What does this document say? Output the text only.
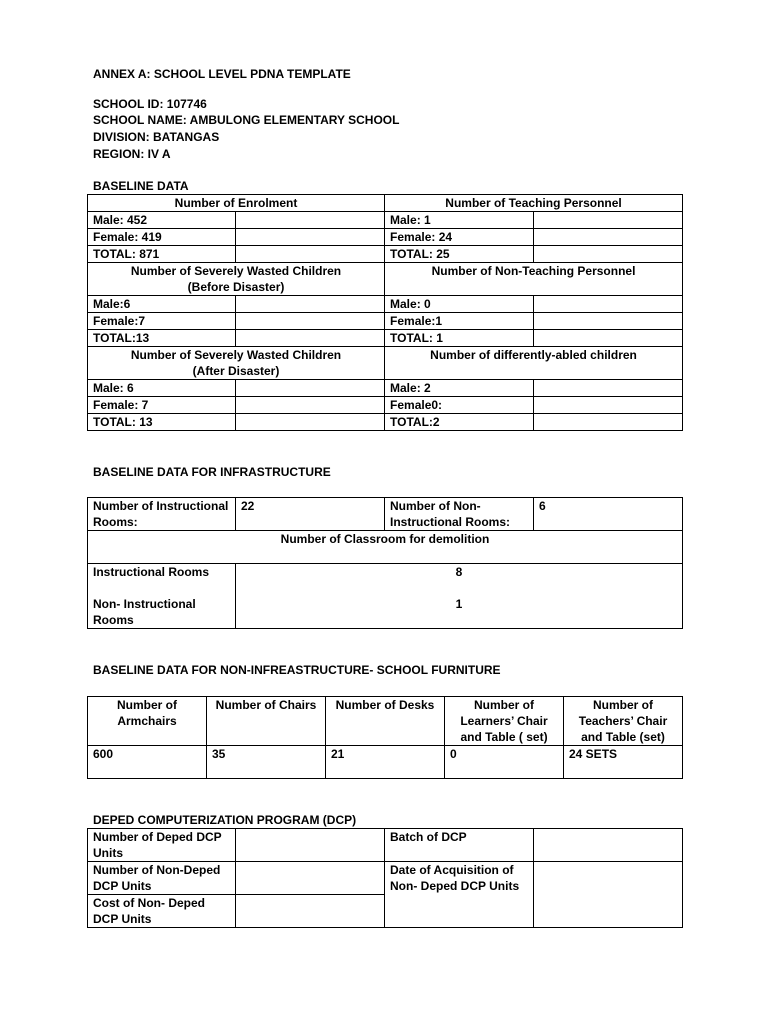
ANNEX A: SCHOOL LEVEL PDNA TEMPLATE
SCHOOL ID: 107746
SCHOOL NAME: AMBULONG ELEMENTARY SCHOOL
DIVISION: BATANGAS
REGION: IV A
BASELINE DATA
Number of Enrolment		Number of Teaching Personnel	
Male: 452		Male: 1	
Female: 419		Female: 24	
TOTAL: 871		TOTAL: 25	
Number of Severely Wasted Children (Before Disaster)		Number of Non-Teaching Personnel	
Male:6		Male: 0	
Female:7		Female:1	
TOTAL:13		TOTAL: 1	
Number of Severely Wasted Children (After Disaster)		Number of differently-abled children	
Male: 6		Male: 2	
Female: 7		Female0:	
TOTAL: 13		TOTAL:2	
BASELINE DATA FOR INFRASTRUCTURE
Number of Instructional Rooms:	22	Number of Non-Instructional Rooms:	6
Number of Classroom for demolition			
Instructional Rooms	8		
Non- Instructional Rooms	1		
BASELINE DATA FOR NON-INFREASTRUCTURE- SCHOOL FURNITURE
Number of Armchairs	Number of Chairs	Number of Desks	Number of Learners’ Chair and Table ( set)	Number of Teachers’ Chair and Table (set)
600	35	21	0	24 SETS
DEPED COMPUTERIZATION PROGRAM (DCP)
Number of Deped DCP Units		Batch of DCP	
Number of Non-Deped DCP Units		Date of Acquisition of Non- Deped DCP Units	
Cost of Non- Deped DCP Units			
